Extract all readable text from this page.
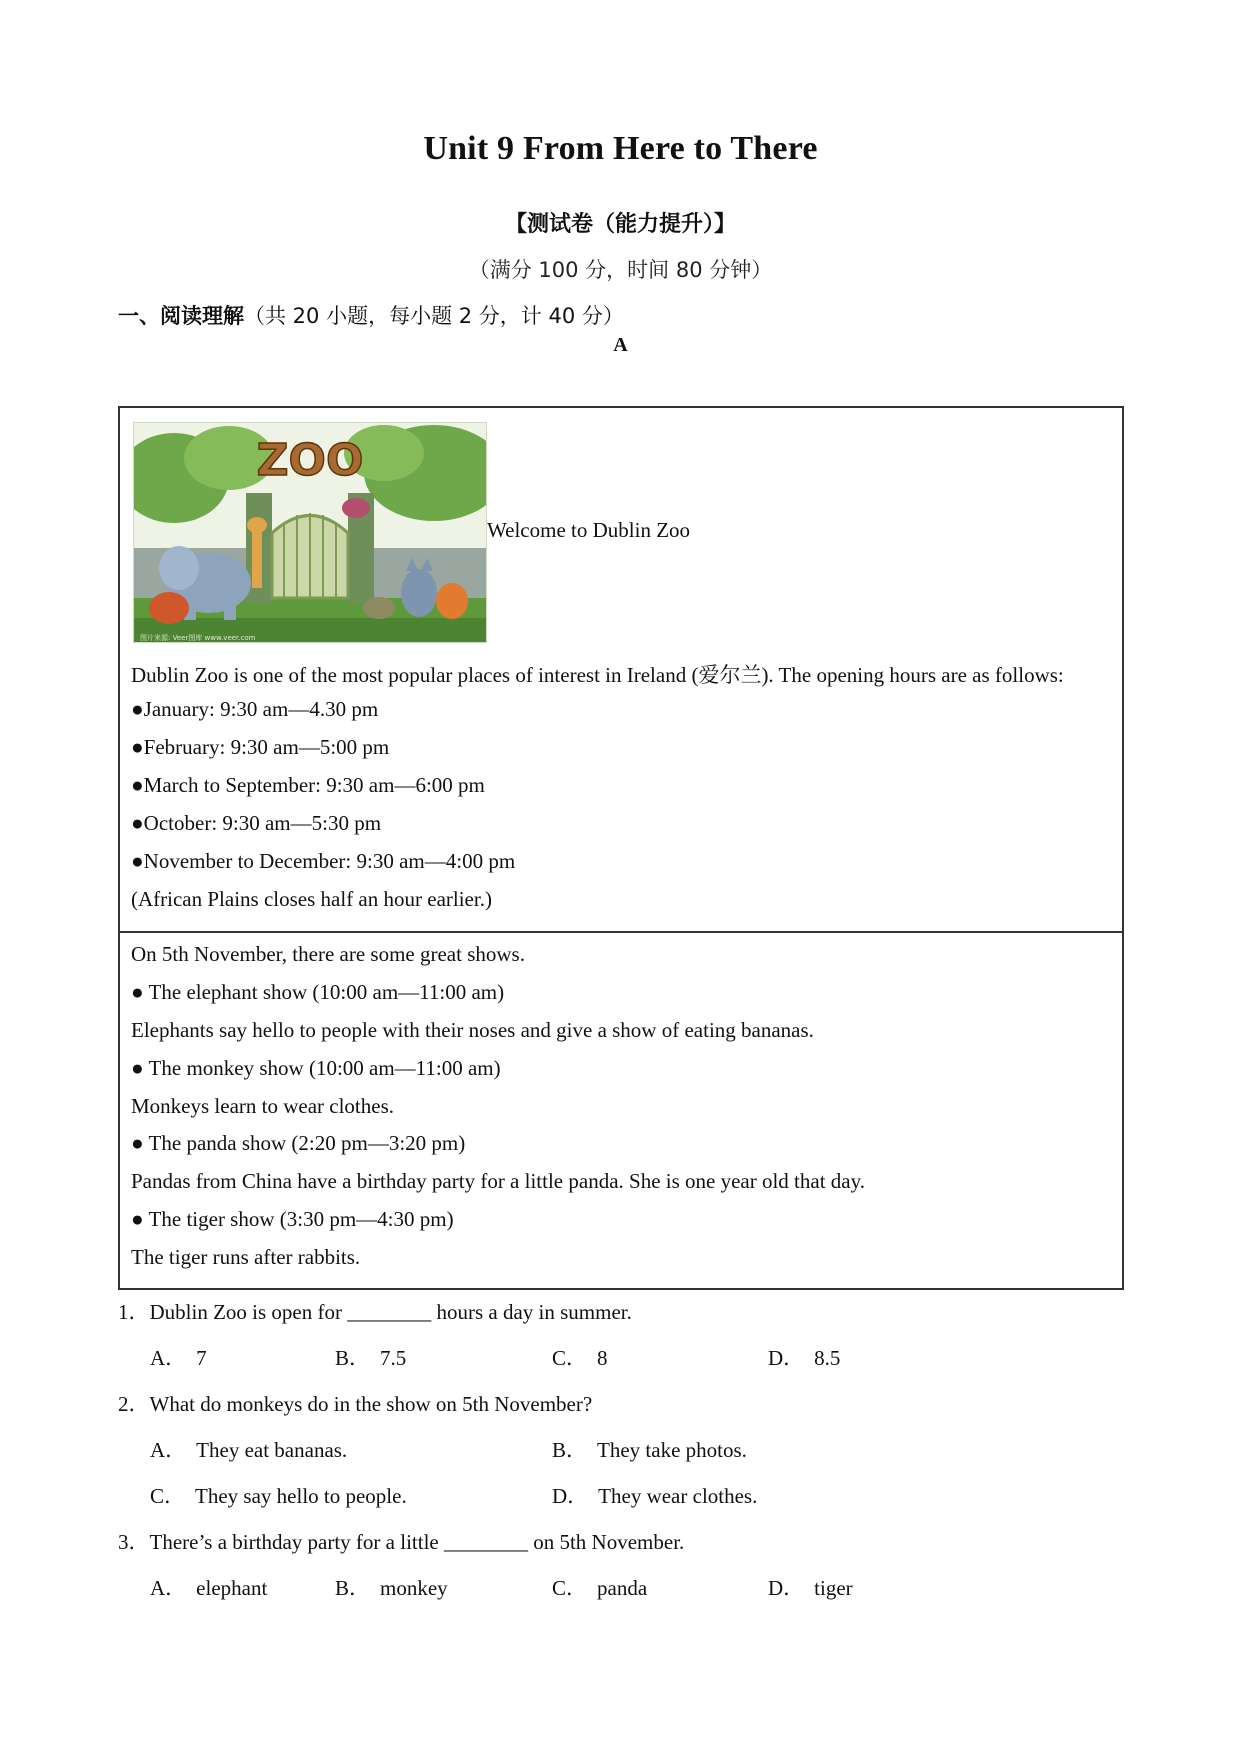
Unit 9 From Here to There
【测试卷（能力提升）】
（满分 100 分，时间 80 分钟）
一、阅读理解（共 20 小题，每小题 2 分，计 40 分）
A
ZOO
图片来源: Veer图库 www.veer.com
Welcome to Dublin Zoo
Dublin Zoo is one of the most popular places of interest in Ireland (爱尔兰). The opening hours are as follows:
●January: 9:30 am—4.30 pm
●February: 9:30 am—5:00 pm
●March to September: 9:30 am—6:00 pm
●October: 9:30 am—5:30 pm
●November to December: 9:30 am—4:00 pm
(African Plains closes half an hour earlier.)
On 5th November, there are some great shows.
● The elephant show (10:00 am—11:00 am)
Elephants say hello to people with their noses and give a show of eating bananas.
● The monkey show (10:00 am—11:00 am)
Monkeys learn to wear clothes.
● The panda show (2:20 pm—3:20 pm)
Pandas from China have a birthday party for a little panda. She is one year old that day.
● The tiger show (3:30 pm—4:30 pm)
The tiger runs after rabbits.
1．Dublin Zoo is open for ________ hours a day in summer.
A． 7	B． 7.5	C． 8	D． 8.5
2．What do monkeys do in the show on 5th November?
A． They eat bananas.	B． They take photos.
C． They say hello to people.	D． They wear clothes.
3．There’s a birthday party for a little ________ on 5th November.
A． elephant	B． monkey	C． panda	D． tiger
